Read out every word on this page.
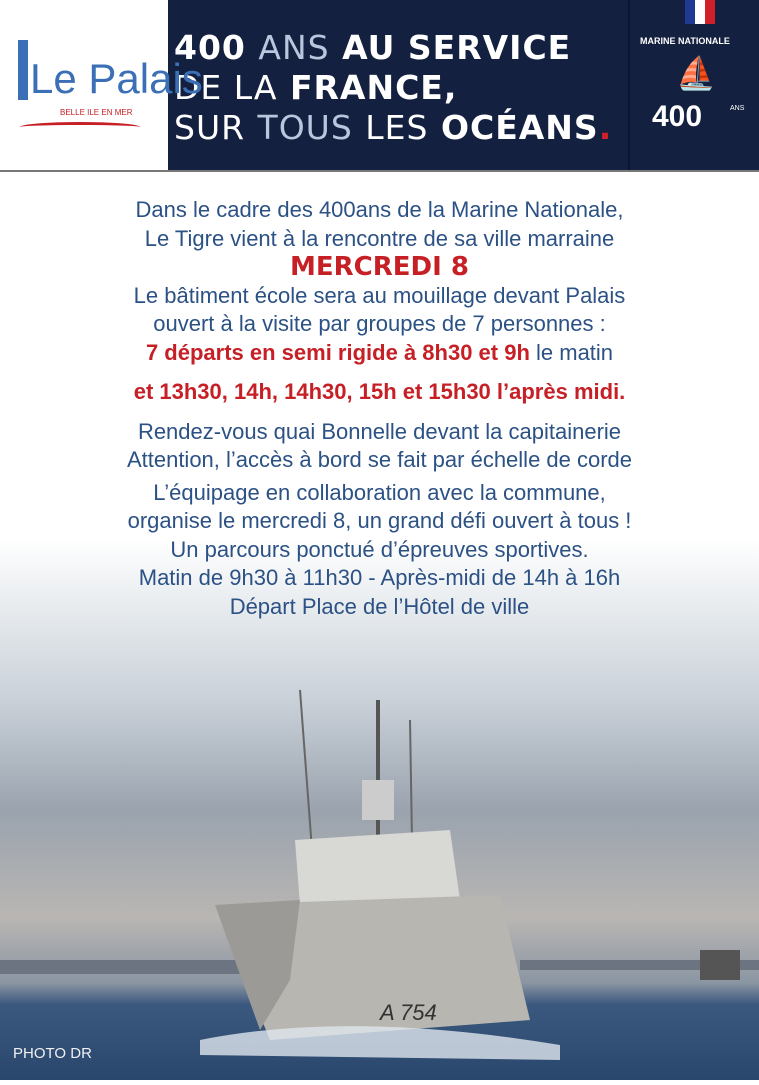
A 754
Le Palais
BELLE ILE EN MER
400 ANS AU SERVICE
DE LA FRANCE,
SUR TOUS LES OCÉANS.
MARINE NATIONALE
⛵
400	ANS
Dans le cadre des 400ans de la Marine Nationale,
Le Tigre vient à la rencontre de sa ville marraine
MERCREDI 8
Le bâtiment école sera au mouillage devant Palais
ouvert à la visite par groupes de 7 personnes :
7 départs en semi rigide à 8h30 et 9h le matin
et 13h30, 14h, 14h30, 15h et 15h30 l’après midi.
Rendez-vous quai Bonnelle devant la capitainerie
Attention, l’accès à bord se fait par échelle de corde
L’équipage en collaboration avec la commune,
organise le mercredi 8, un grand défi ouvert à tous !
Un parcours ponctué d’épreuves sportives.
Matin de 9h30 à 11h30 - Après-midi de 14h à 16h
Départ Place de l’Hôtel de ville
PHOTO DR
